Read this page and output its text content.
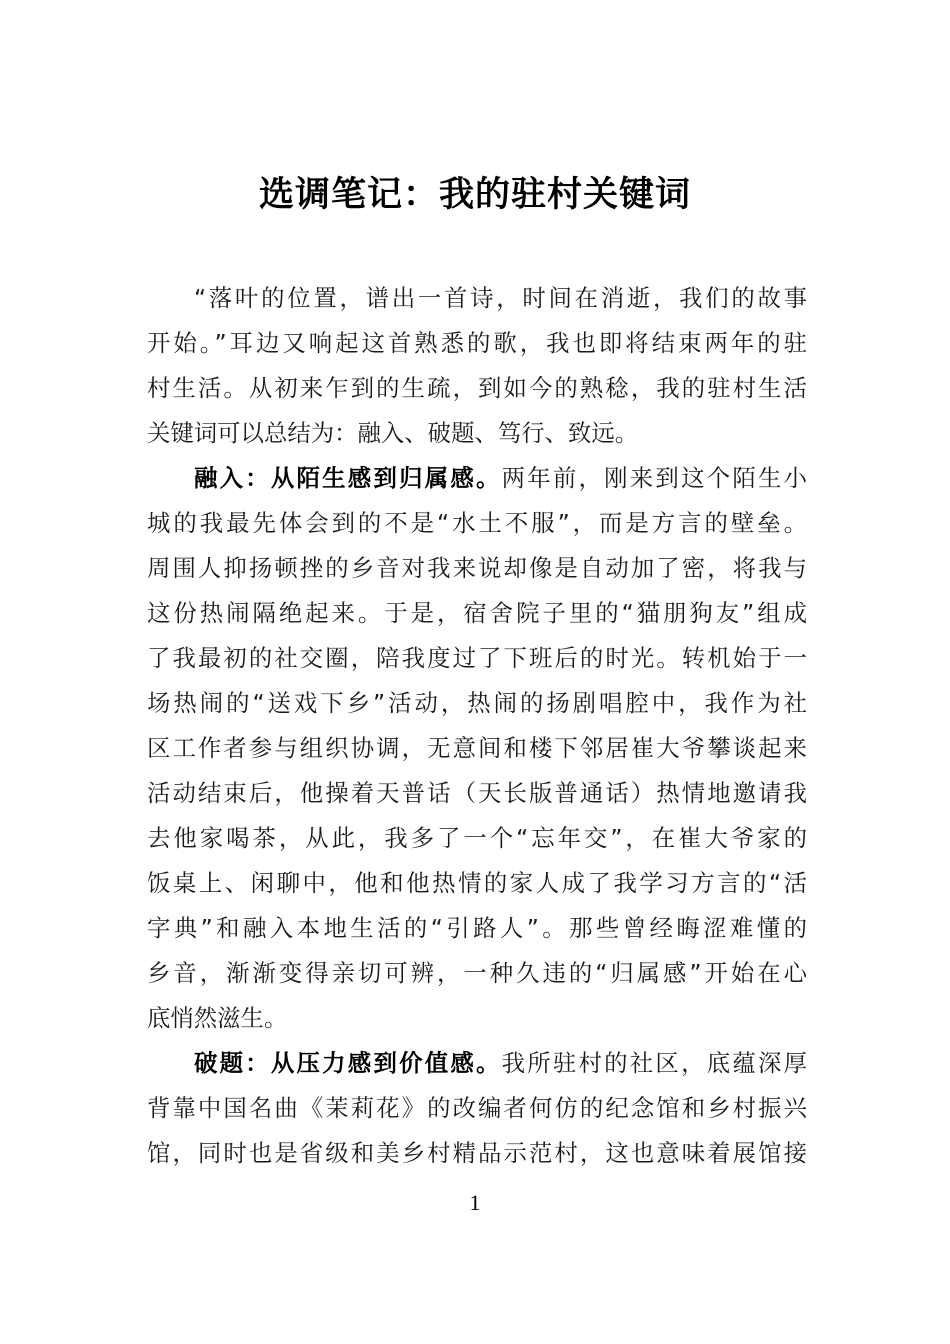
选调笔记：我的驻村关键词
“落叶的位置，谱出一首诗，时间在消逝，我们的故事
开始。”耳边又响起这首熟悉的歌，我也即将结束两年的驻
村生活。从初来乍到的生疏，到如今的熟稔，我的驻村生活
关键词可以总结为：融入、破题、笃行、致远。
融入：从陌生感到归属感。两年前，刚来到这个陌生小
城的我最先体会到的不是“水土不服”，而是方言的壁垒。
周围人抑扬顿挫的乡音对我来说却像是自动加了密，将我与
这份热闹隔绝起来。于是，宿舍院子里的“猫朋狗友”组成
了我最初的社交圈，陪我度过了下班后的时光。转机始于一
场热闹的“送戏下乡”活动，热闹的扬剧唱腔中，我作为社
区工作者参与组织协调，无意间和楼下邻居崔大爷攀谈起来
活动结束后，他操着天普话（天长版普通话）热情地邀请我
去他家喝茶，从此，我多了一个“忘年交”，在崔大爷家的
饭桌上、闲聊中，他和他热情的家人成了我学习方言的“活
字典”和融入本地生活的“引路人”。那些曾经晦涩难懂的
乡音，渐渐变得亲切可辨，一种久违的“归属感”开始在心
底悄然滋生。
破题：从压力感到价值感。我所驻村的社区，底蕴深厚
背靠中国名曲《茉莉花》的改编者何仿的纪念馆和乡村振兴
馆，同时也是省级和美乡村精品示范村，这也意味着展馆接
1
